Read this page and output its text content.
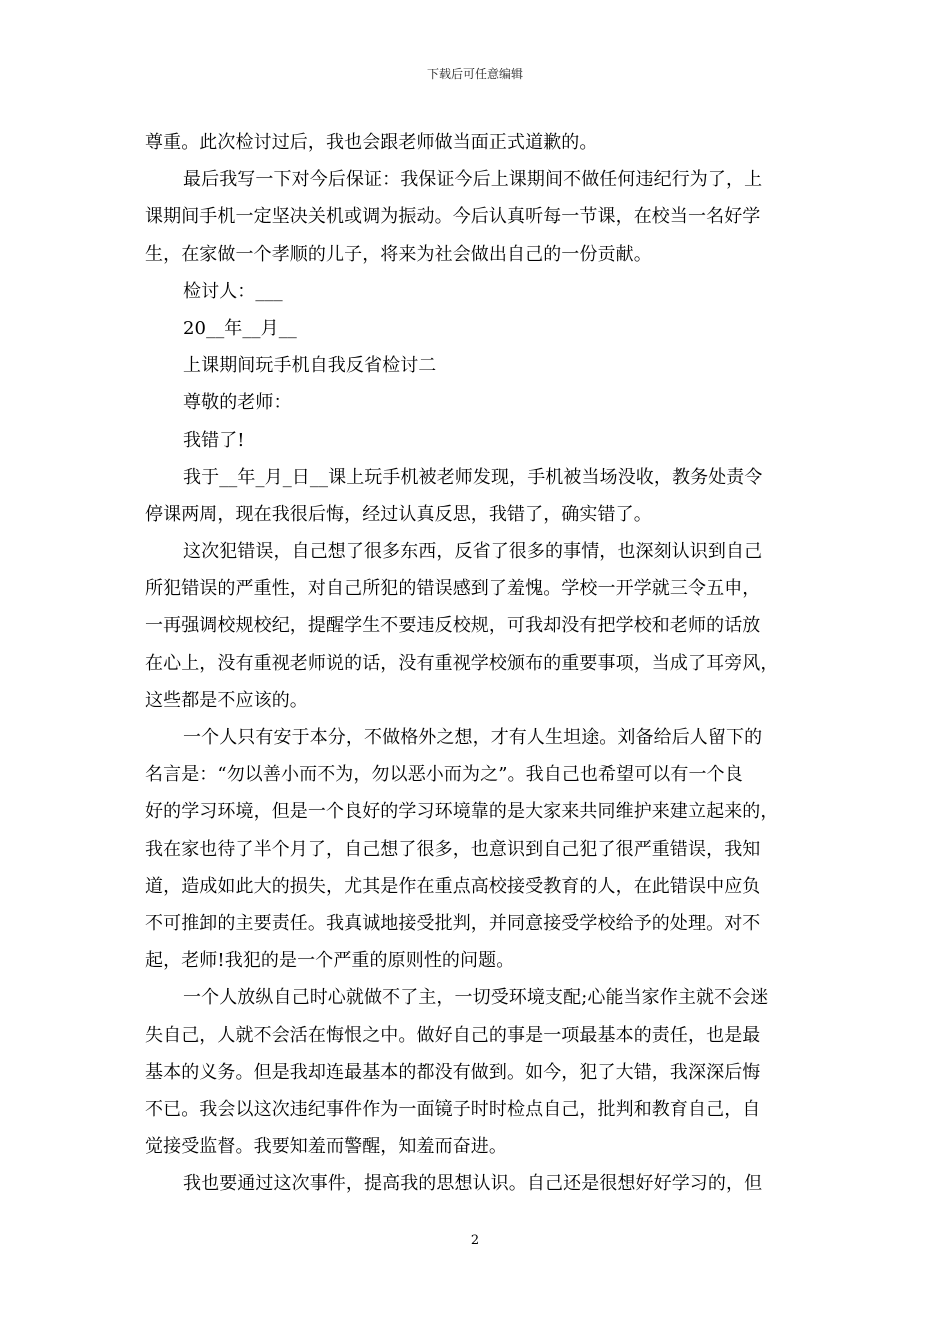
下载后可任意编辑
尊重。此次检讨过后，我也会跟老师做当面正式道歉的。
最后我写一下对今后保证：我保证今后上课期间不做任何违纪行为了，上
课期间手机一定坚决关机或调为振动。今后认真听每一节课，在校当一名好学
生，在家做一个孝顺的儿子，将来为社会做出自己的一份贡献。
检讨人：___
20__年__月__
上课期间玩手机自我反省检讨二
尊敬的老师：
我错了!
我于__年_月_日__课上玩手机被老师发现，手机被当场没收，教务处责令
停课两周，现在我很后悔，经过认真反思，我错了，确实错了。
这次犯错误，自己想了很多东西，反省了很多的事情，也深刻认识到自己
所犯错误的严重性，对自己所犯的错误感到了羞愧。学校一开学就三令五申，
一再强调校规校纪，提醒学生不要违反校规，可我却没有把学校和老师的话放
在心上，没有重视老师说的话，没有重视学校颁布的重要事项，当成了耳旁风，
这些都是不应该的。
一个人只有安于本分，不做格外之想，才有人生坦途。刘备给后人留下的
名言是：“勿以善小而不为，勿以恶小而为之”。我自己也希望可以有一个良
好的学习环境，但是一个良好的学习环境靠的是大家来共同维护来建立起来的，
我在家也待了半个月了，自己想了很多，也意识到自己犯了很严重错误，我知
道，造成如此大的损失，尤其是作在重点高校接受教育的人，在此错误中应负
不可推卸的主要责任。我真诚地接受批判，并同意接受学校给予的处理。对不
起，老师!我犯的是一个严重的原则性的问题。
一个人放纵自己时心就做不了主，一切受环境支配;心能当家作主就不会迷
失自己，人就不会活在悔恨之中。做好自己的事是一项最基本的责任，也是最
基本的义务。但是我却连最基本的都没有做到。如今，犯了大错，我深深后悔
不已。我会以这次违纪事件作为一面镜子时时检点自己，批判和教育自己，自
觉接受监督。我要知羞而警醒，知羞而奋进。
我也要通过这次事件，提高我的思想认识。自己还是很想好好学习的，但
2
